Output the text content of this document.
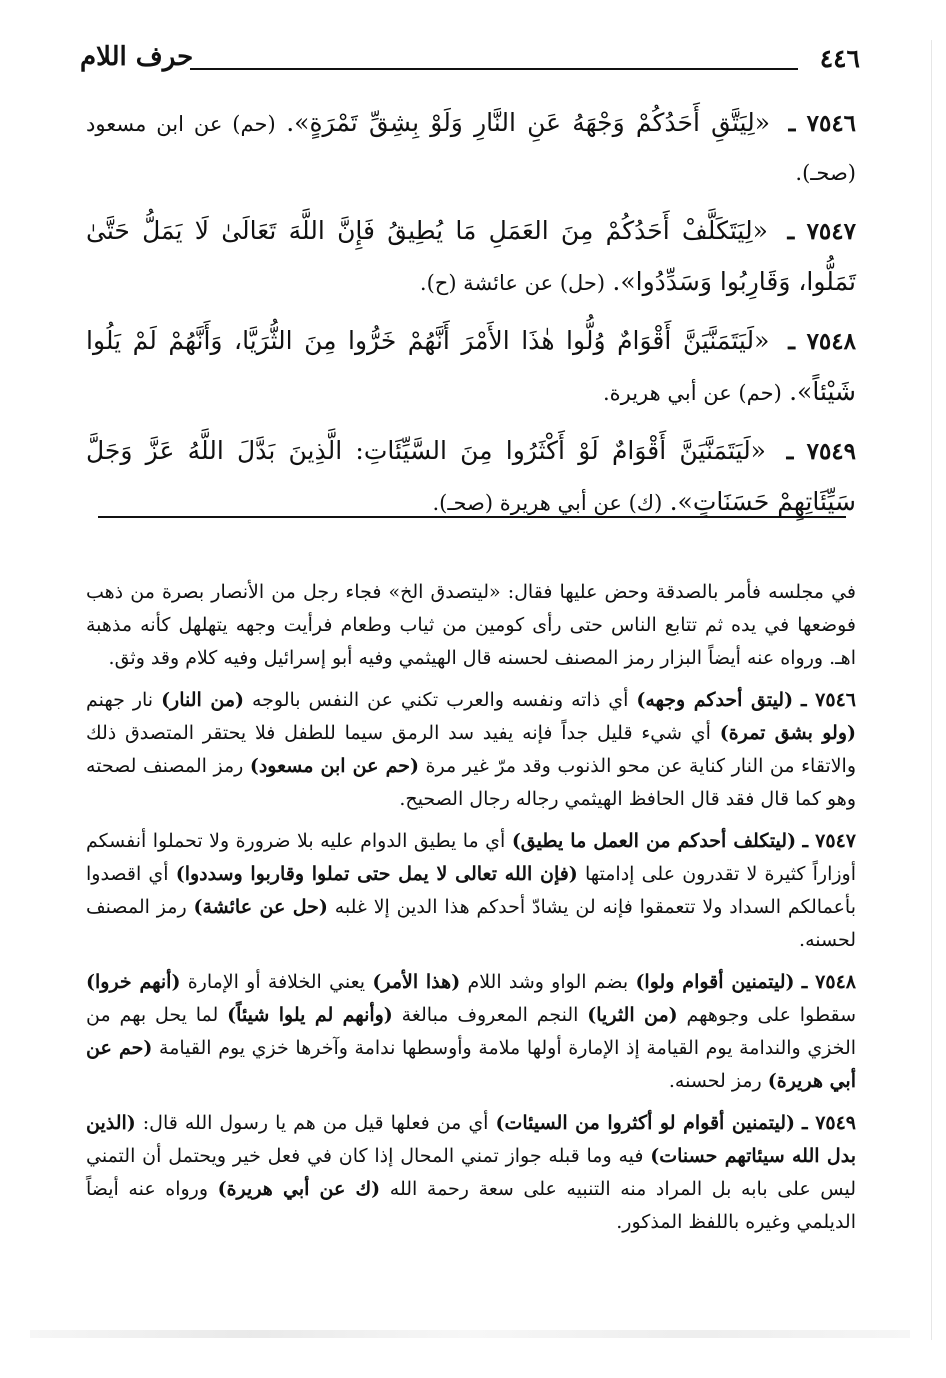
٤٤٦
حرف اللام

٧٥٤٦ ـ «لِيَتَّقِ أَحَدُكُمْ وَجْهَهُ عَنِ النَّارِ وَلَوْ بِشِقِّ تَمْرَةٍ». (حم) عن ابن مسعود (صحـ).

٧٥٤٧ ـ «لِيَتَكَلَّفْ أَحَدُكُمْ مِنَ العَمَلِ مَا يُطِيقُ فَإِنَّ اللَّهَ تَعَالَىٰ لَا يَمَلُّ حَتَّىٰ تَمَلُّوا، وَقَارِبُوا وَسَدِّدُوا». (حل) عن عائشة (ح).

٧٥٤٨ ـ «لَيَتَمَنَّيَنَّ أَقْوَامٌ وُلُّوا هٰذَا الأَمْرَ أَنَّهُمْ خَرُّوا مِنَ الثُّرَيَّا، وَأَنَّهُمْ لَمْ يَلُوا شَيْئاً». (حم) عن أبي هريرة.

٧٥٤٩ ـ «لَيَتَمَنَّيَنَّ أَقْوَامٌ لَوْ أَكْثَرُوا مِنَ السَّيِّئَاتِ: الَّذِينَ بَدَّلَ اللَّهُ عَزَّ وَجَلَّ سَيِّئَاتِهِمْ حَسَنَاتٍ». (ك) عن أبي هريرة (صحـ).

في مجلسه فأمر بالصدقة وحض عليها فقال: «ليتصدق الخ» فجاء رجل من الأنصار بصرة من ذهب فوضعها في يده ثم تتابع الناس حتى رأى كومين من ثياب وطعام فرأيت وجهه يتهلهل كأنه مذهبة اهـ. ورواه عنه أيضاً البزار رمز المصنف لحسنه قال الهيثمي وفيه أبو إسرائيل وفيه كلام وقد وثق.

٧٥٤٦ ـ (ليتق أحدكم وجهه) أي ذاته ونفسه والعرب تكني عن النفس بالوجه (من النار) نار جهنم (ولو بشق تمرة) أي شيء قليل جداً فإنه يفيد سد الرمق سيما للطفل فلا يحتقر المتصدق ذلك والاتقاء من النار كناية عن محو الذنوب وقد مرّ غير مرة (حم عن ابن مسعود) رمز المصنف لصحته وهو كما قال فقد قال الحافظ الهيثمي رجاله رجال الصحيح.

٧٥٤٧ ـ (ليتكلف أحدكم من العمل ما يطيق) أي ما يطيق الدوام عليه بلا ضرورة ولا تحملوا أنفسكم أوزاراً كثيرة لا تقدرون على إدامتها (فإن الله تعالى لا يمل حتى تملوا وقاربوا وسددوا) أي اقصدوا بأعمالكم السداد ولا تتعمقوا فإنه لن يشادّ أحدكم هذا الدين إلا غلبه (حل عن عائشة) رمز المصنف لحسنه.

٧٥٤٨ ـ (ليتمنين أقوام ولوا) بضم الواو وشد اللام (هذا الأمر) يعني الخلافة أو الإمارة (أنهم خروا) سقطوا على وجوههم (من الثريا) النجم المعروف مبالغة (وأنهم لم يلوا شيئاً) لما يحل بهم من الخزي والندامة يوم القيامة إذ الإمارة أولها ملامة وأوسطها ندامة وآخرها خزي يوم القيامة (حم عن أبي هريرة) رمز لحسنه.

٧٥٤٩ ـ (ليتمنين أقوام لو أكثروا من السيئات) أي من فعلها قيل من هم يا رسول الله قال: (الذين بدل الله سيئاتهم حسنات) فيه وما قبله جواز تمني المحال إذا كان في فعل خير ويحتمل أن التمني ليس على بابه بل المراد منه التنبيه على سعة رحمة الله (ك عن أبي هريرة) ورواه عنه أيضاً الديلمي وغيره باللفظ المذكور.
